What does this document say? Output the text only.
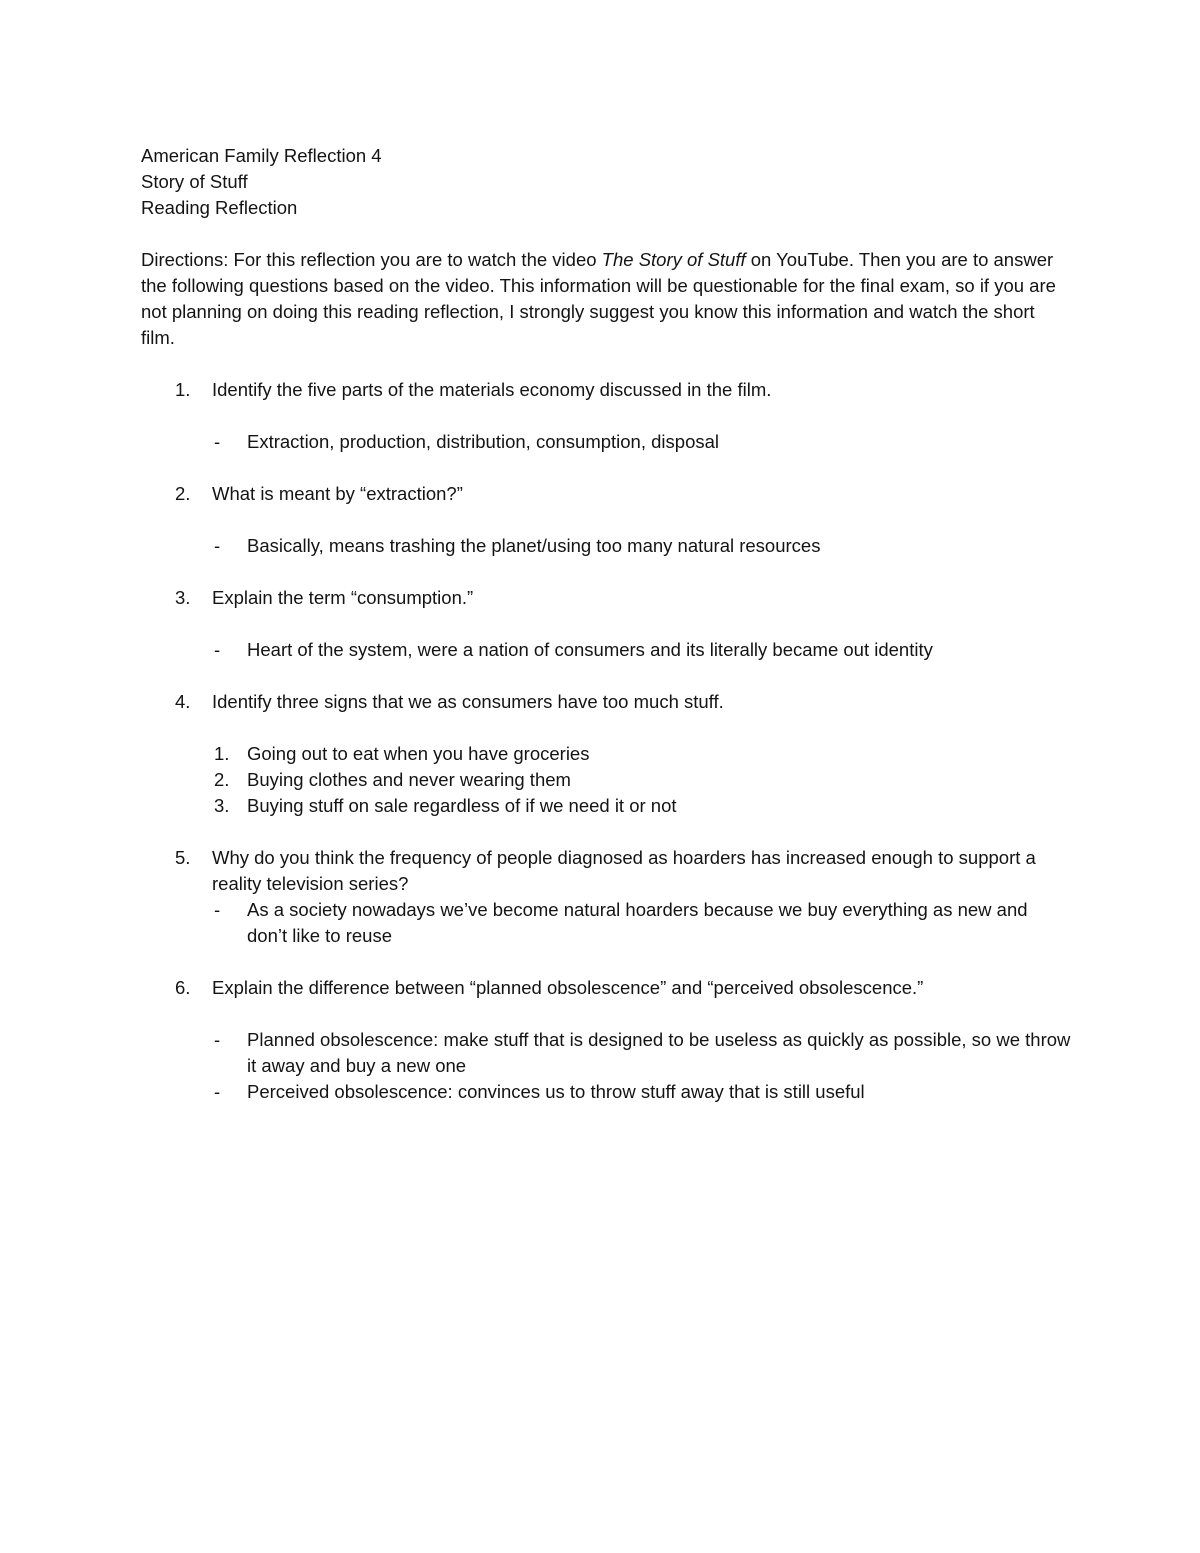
American Family Reflection 4
Story of Stuff
Reading Reflection
Directions: For this reflection you are to watch the video The Story of Stuff on YouTube. Then you are to answer the following questions based on the video. This information will be questionable for the final exam, so if you are not planning on doing this reading reflection, I strongly suggest you know this information and watch the short film.
1. Identify the five parts of the materials economy discussed in the film.
- Extraction, production, distribution, consumption, disposal
2. What is meant by “extraction?”
- Basically, means trashing the planet/using too many natural resources
3. Explain the term “consumption.”
- Heart of the system, were a nation of consumers and its literally became out identity
4. Identify three signs that we as consumers have too much stuff.
1. Going out to eat when you have groceries
2. Buying clothes and never wearing them
3. Buying stuff on sale regardless of if we need it or not
5. Why do you think the frequency of people diagnosed as hoarders has increased enough to support a reality television series?
- As a society nowadays we’ve become natural hoarders because we buy everything as new and don’t like to reuse
6. Explain the difference between “planned obsolescence” and “perceived obsolescence.”
- Planned obsolescence: make stuff that is designed to be useless as quickly as possible, so we throw it away and buy a new one
- Perceived obsolescence: convinces us to throw stuff away that is still useful
